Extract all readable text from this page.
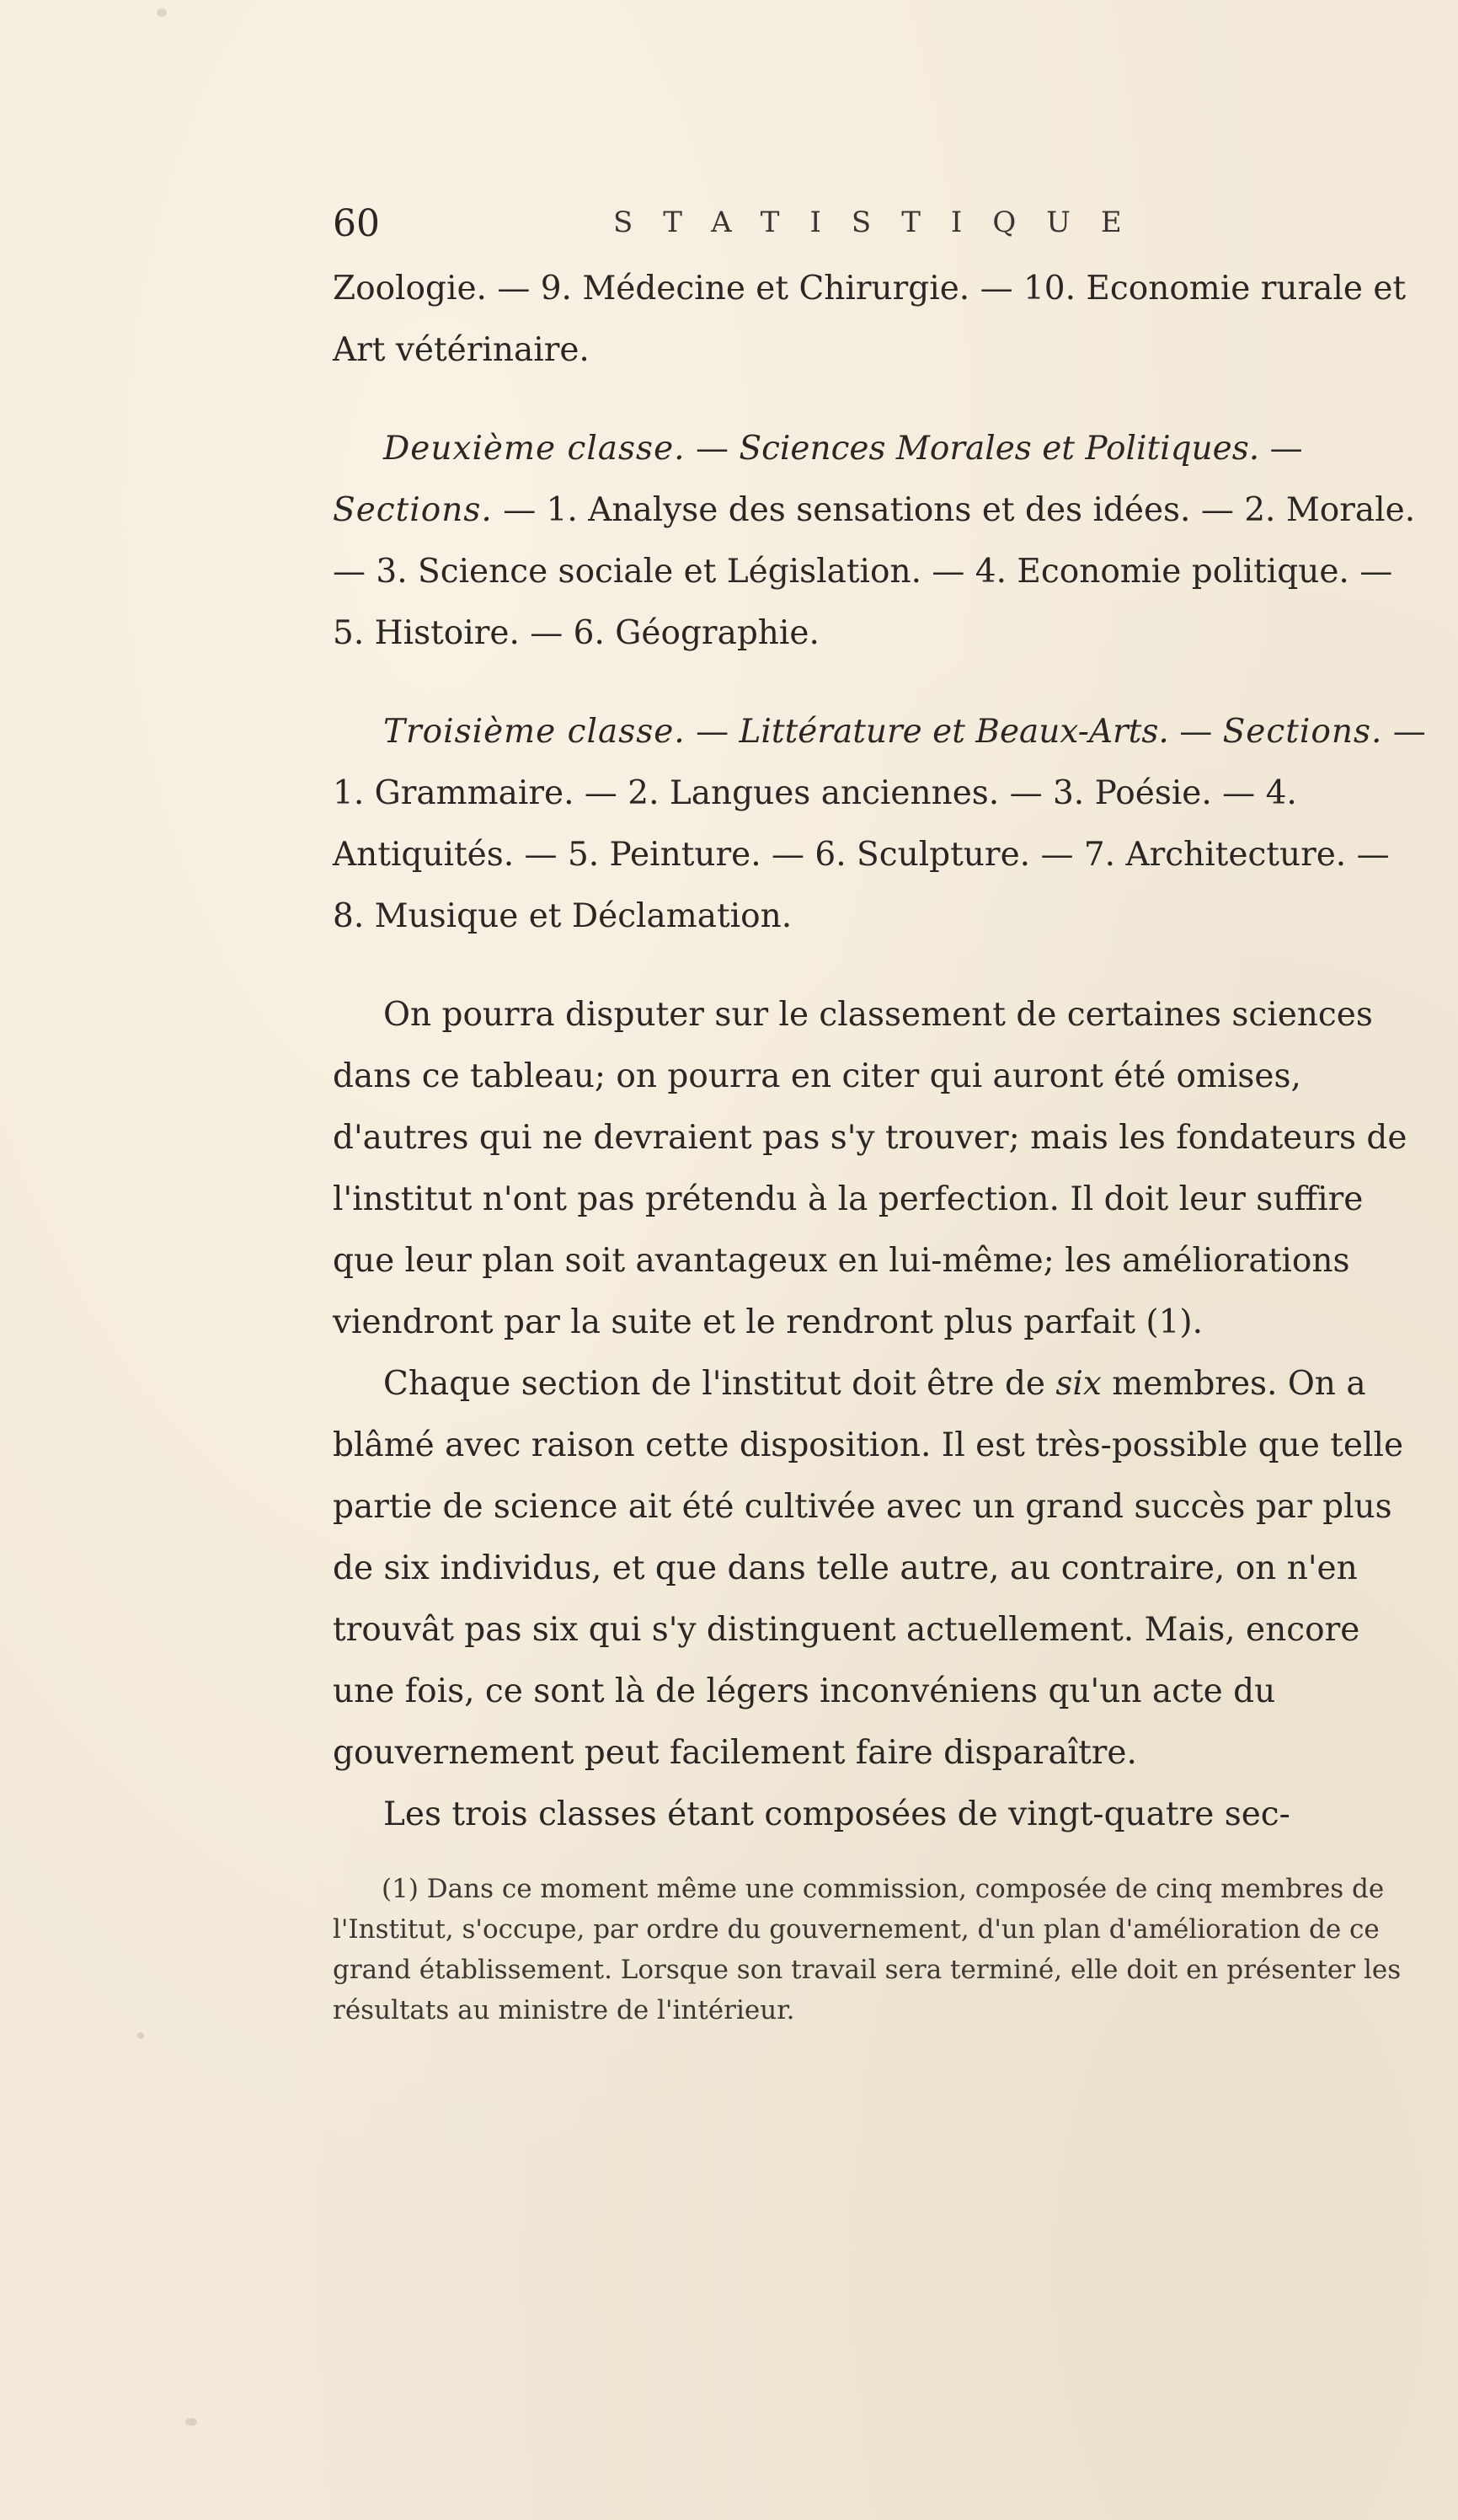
60	STATISTIQUE

Zoologie. — 9. Médecine et Chirurgie. — 10. Economie rurale et Art vétérinaire.

Deuxième classe. — Sciences Morales et Politiques. — Sections. — 1. Analyse des sensations et des idées. — 2. Morale. — 3. Science sociale et Législation. — 4. Economie politique. — 5. Histoire. — 6. Géographie.

Troisième classe. — Littérature et Beaux-Arts. — Sections. — 1. Grammaire. — 2. Langues anciennes. — 3. Poésie. — 4. Antiquités. — 5. Peinture. — 6. Sculpture. — 7. Architecture. — 8. Musique et Déclamation.

On pourra disputer sur le classement de certaines sciences dans ce tableau; on pourra en citer qui auront été omises, d'autres qui ne devraient pas s'y trouver; mais les fondateurs de l'institut n'ont pas prétendu à la perfection. Il doit leur suffire que leur plan soit avantageux en lui-même; les améliorations viendront par la suite et le rendront plus parfait (1).

Chaque section de l'institut doit être de six membres. On a blâmé avec raison cette disposition. Il est très-possible que telle partie de science ait été cultivée avec un grand succès par plus de six individus, et que dans telle autre, au contraire, on n'en trouvât pas six qui s'y distinguent actuellement. Mais, encore une fois, ce sont là de légers inconvéniens qu'un acte du gouvernement peut facilement faire disparaître.

Les trois classes étant composées de vingt-quatre sec-

(1) Dans ce moment même une commission, composée de cinq membres de l'Institut, s'occupe, par ordre du gouvernement, d'un plan d'amélioration de ce grand établissement. Lorsque son travail sera terminé, elle doit en présenter les résultats au ministre de l'intérieur.
